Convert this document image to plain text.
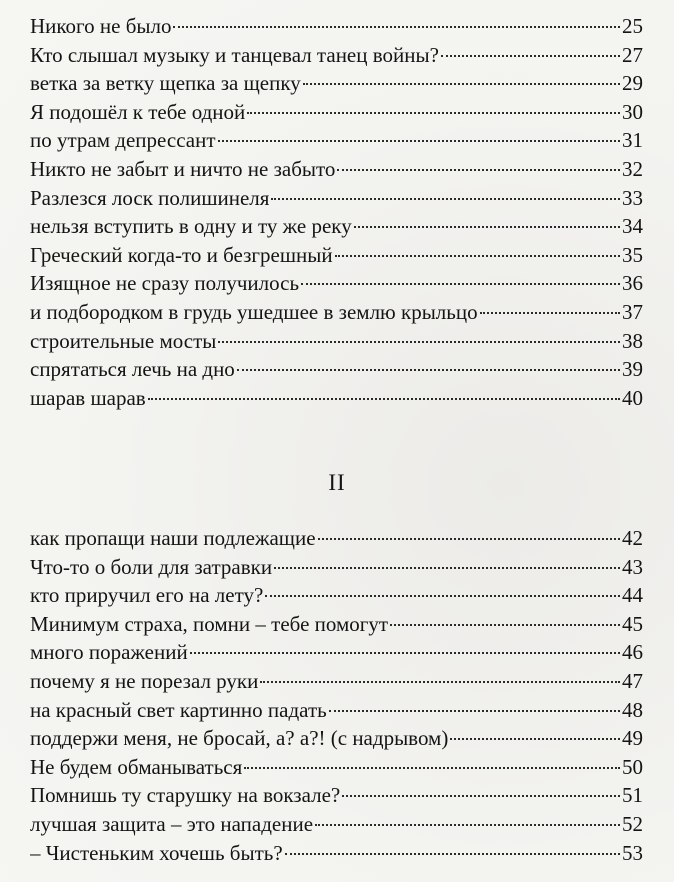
Никого не было	25
Кто слышал музыку и танцевал танец войны?	27
ветка за ветку щепка за щепку	29
Я подошёл к тебе одной	30
по утрам депрессант	31
Никто не забыт и ничто не забыто	32
Разлезся лоск полишинеля	33
нельзя вступить в одну и ту же реку	34
Греческий когда-то и безгрешный	35
Изящное не сразу получилось	36
и подбородком в грудь ушедшее в землю крыльцо	37
строительные мосты	38
спрятаться лечь на дно	39
шарав шарав	40
II
как пропащи наши подлежащие	42
Что-то о боли для затравки	43
кто приручил его на лету?	44
Минимум страха, помни – тебе помогут	45
много поражений	46
почему я не порезал руки	47
на красный свет картинно падать	48
поддержи меня, не бросай, а? а?! (с надрывом)	49
Не будем обманываться	50
Помнишь ту старушку на вокзале?	51
лучшая защита – это нападение	52
– Чистеньким хочешь быть?	53
